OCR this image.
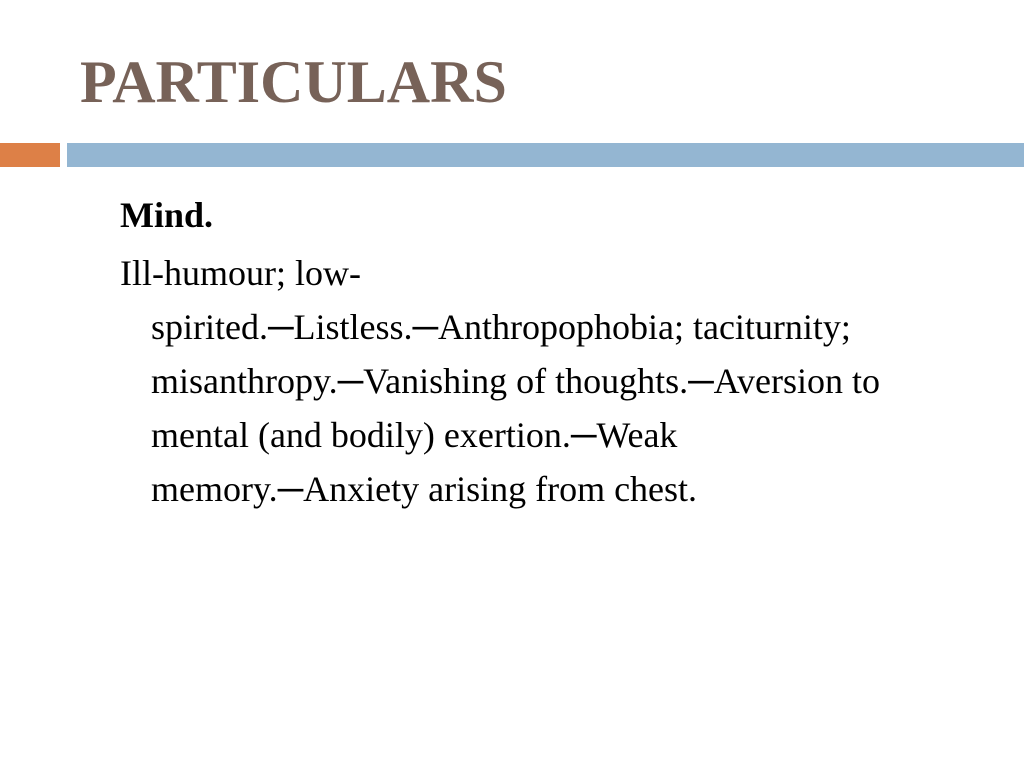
PARTICULARS

Mind.

Ill-humour; low-
spirited.─Listless.─Anthropophobia; taciturnity; misanthropy.─Vanishing of thoughts.─Aversion to mental (and bodily) exertion.─Weak memory.─Anxiety arising from chest.
